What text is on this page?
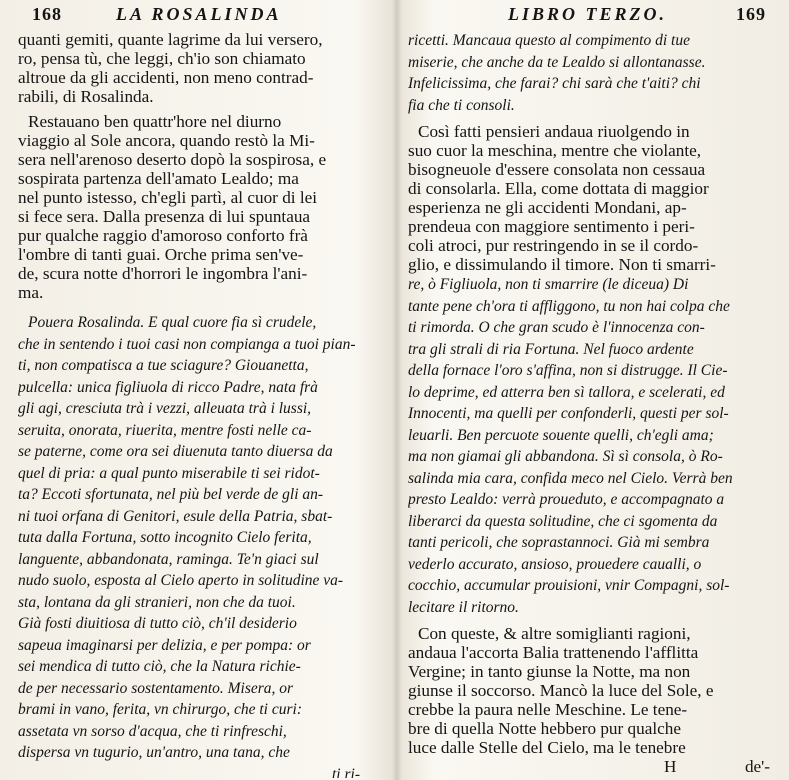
168	LA ROSALINDA
quanti gemiti, quante lagrime da lui versero,
ro, pensa tù, che leggi, ch'io son chiamato
altroue da gli accidenti, non meno contrad-
rabili, di Rosalinda.
Restauano ben quattr'hore nel diurno
viaggio al Sole ancora, quando restò la Mi-
sera nell'arenoso deserto dopò la sospirosa, e
sospirata partenza dell'amato Lealdo; ma
nel punto istesso, ch'egli partì, al cuor di lei
si fece sera. Dalla presenza di lui spuntaua
pur qualche raggio d'amoroso conforto frà
l'ombre di tanti guai. Orche prima sen've-
de, scura notte d'horrori le ingombra l'ani-
ma.
Pouera Rosalinda. E qual cuore fia sì crudele,
che in sentendo i tuoi casi non compianga a tuoi pian-
ti, non compatisca a tue sciagure? Giouanetta,
pulcella: unica figliuola di ricco Padre, nata frà
gli agi, cresciuta trà i vezzi, alleuata trà i lussi,
seruita, onorata, riuerita, mentre fosti nelle ca-
se paterne, come ora sei diuenuta tanto diuersa da
quel di pria: a qual punto miserabile ti sei ridot-
ta? Eccoti sfortunata, nel più bel verde de gli an-
ni tuoi orfana di Genitori, esule della Patria, sbat-
tuta dalla Fortuna, sotto incognito Cielo ferita,
languente, abbandonata, raminga. Te'n giaci sul
nudo suolo, esposta al Cielo aperto in solitudine va-
sta, lontana da gli stranieri, non che da tuoi.
Già fosti diuitiosa di tutto ciò, ch'il desiderio
sapeua imaginarsi per delizia, e per pompa: or
sei mendica di tutto ciò, che la Natura richie-
de per necessario sostentamento. Misera, or
brami in vano, ferita, vn chirurgo, che ti curi:
assetata vn sorso d'acqua, che ti rinfreschi,
dispersa vn tugurio, un'antro, una tana, che
ti ri-
LIBRO TERZO.	169
ricetti. Mancaua questo al compimento di tue
miserie, che anche da te Lealdo si allontanasse.
Infelicissima, che farai? chi sarà che t'aiti? chi
fia che ti consoli.
Così fatti pensieri andaua riuolgendo in
suo cuor la meschina, mentre che violante,
bisogneuole d'essere consolata non cessaua
di consolarla. Ella, come dottata di maggior
esperienza ne gli accidenti Mondani, ap-
prendeua con maggiore sentimento i peri-
coli atroci, pur restringendo in se il cordo-
glio, e dissimulando il timore. Non ti smarri-
re, ò Figliuola, non ti smarrire (le diceua) Di
tante pene ch'ora ti affliggono, tu non hai colpa che
ti rimorda. O che gran scudo è l'innocenza con-
tra gli strali di ria Fortuna. Nel fuoco ardente
della fornace l'oro s'affina, non si distrugge. Il Cie-
lo deprime, ed atterra ben sì tallora, e scelerati, ed
Innocenti, ma quelli per confonderli, questi per sol-
leuarli. Ben percuote souente quelli, ch'egli ama;
ma non giamai gli abbandona. Sì sì consola, ò Ro-
salinda mia cara, confida meco nel Cielo. Verrà ben
presto Lealdo: verrà proueduto, e accompagnato a
liberarci da questa solitudine, che ci sgomenta da
tanti pericoli, che soprastannoci. Già mi sembra
vederlo accurato, ansioso, prouedere caualli, o
cocchio, accumular prouisioni, vnir Compagni, sol-
lecitare il ritorno.
Con queste, & altre somiglianti ragioni,
andaua l'accorta Balia trattenendo l'afflitta
Vergine; in tanto giunse la Notte, ma non
giunse il soccorso. Mancò la luce del Sole, e
crebbe la paura nelle Meschine. Le tene-
bre di quella Notte hebbero pur qualche
luce dalle Stelle del Cielo, ma le tenebre
H	de'-
